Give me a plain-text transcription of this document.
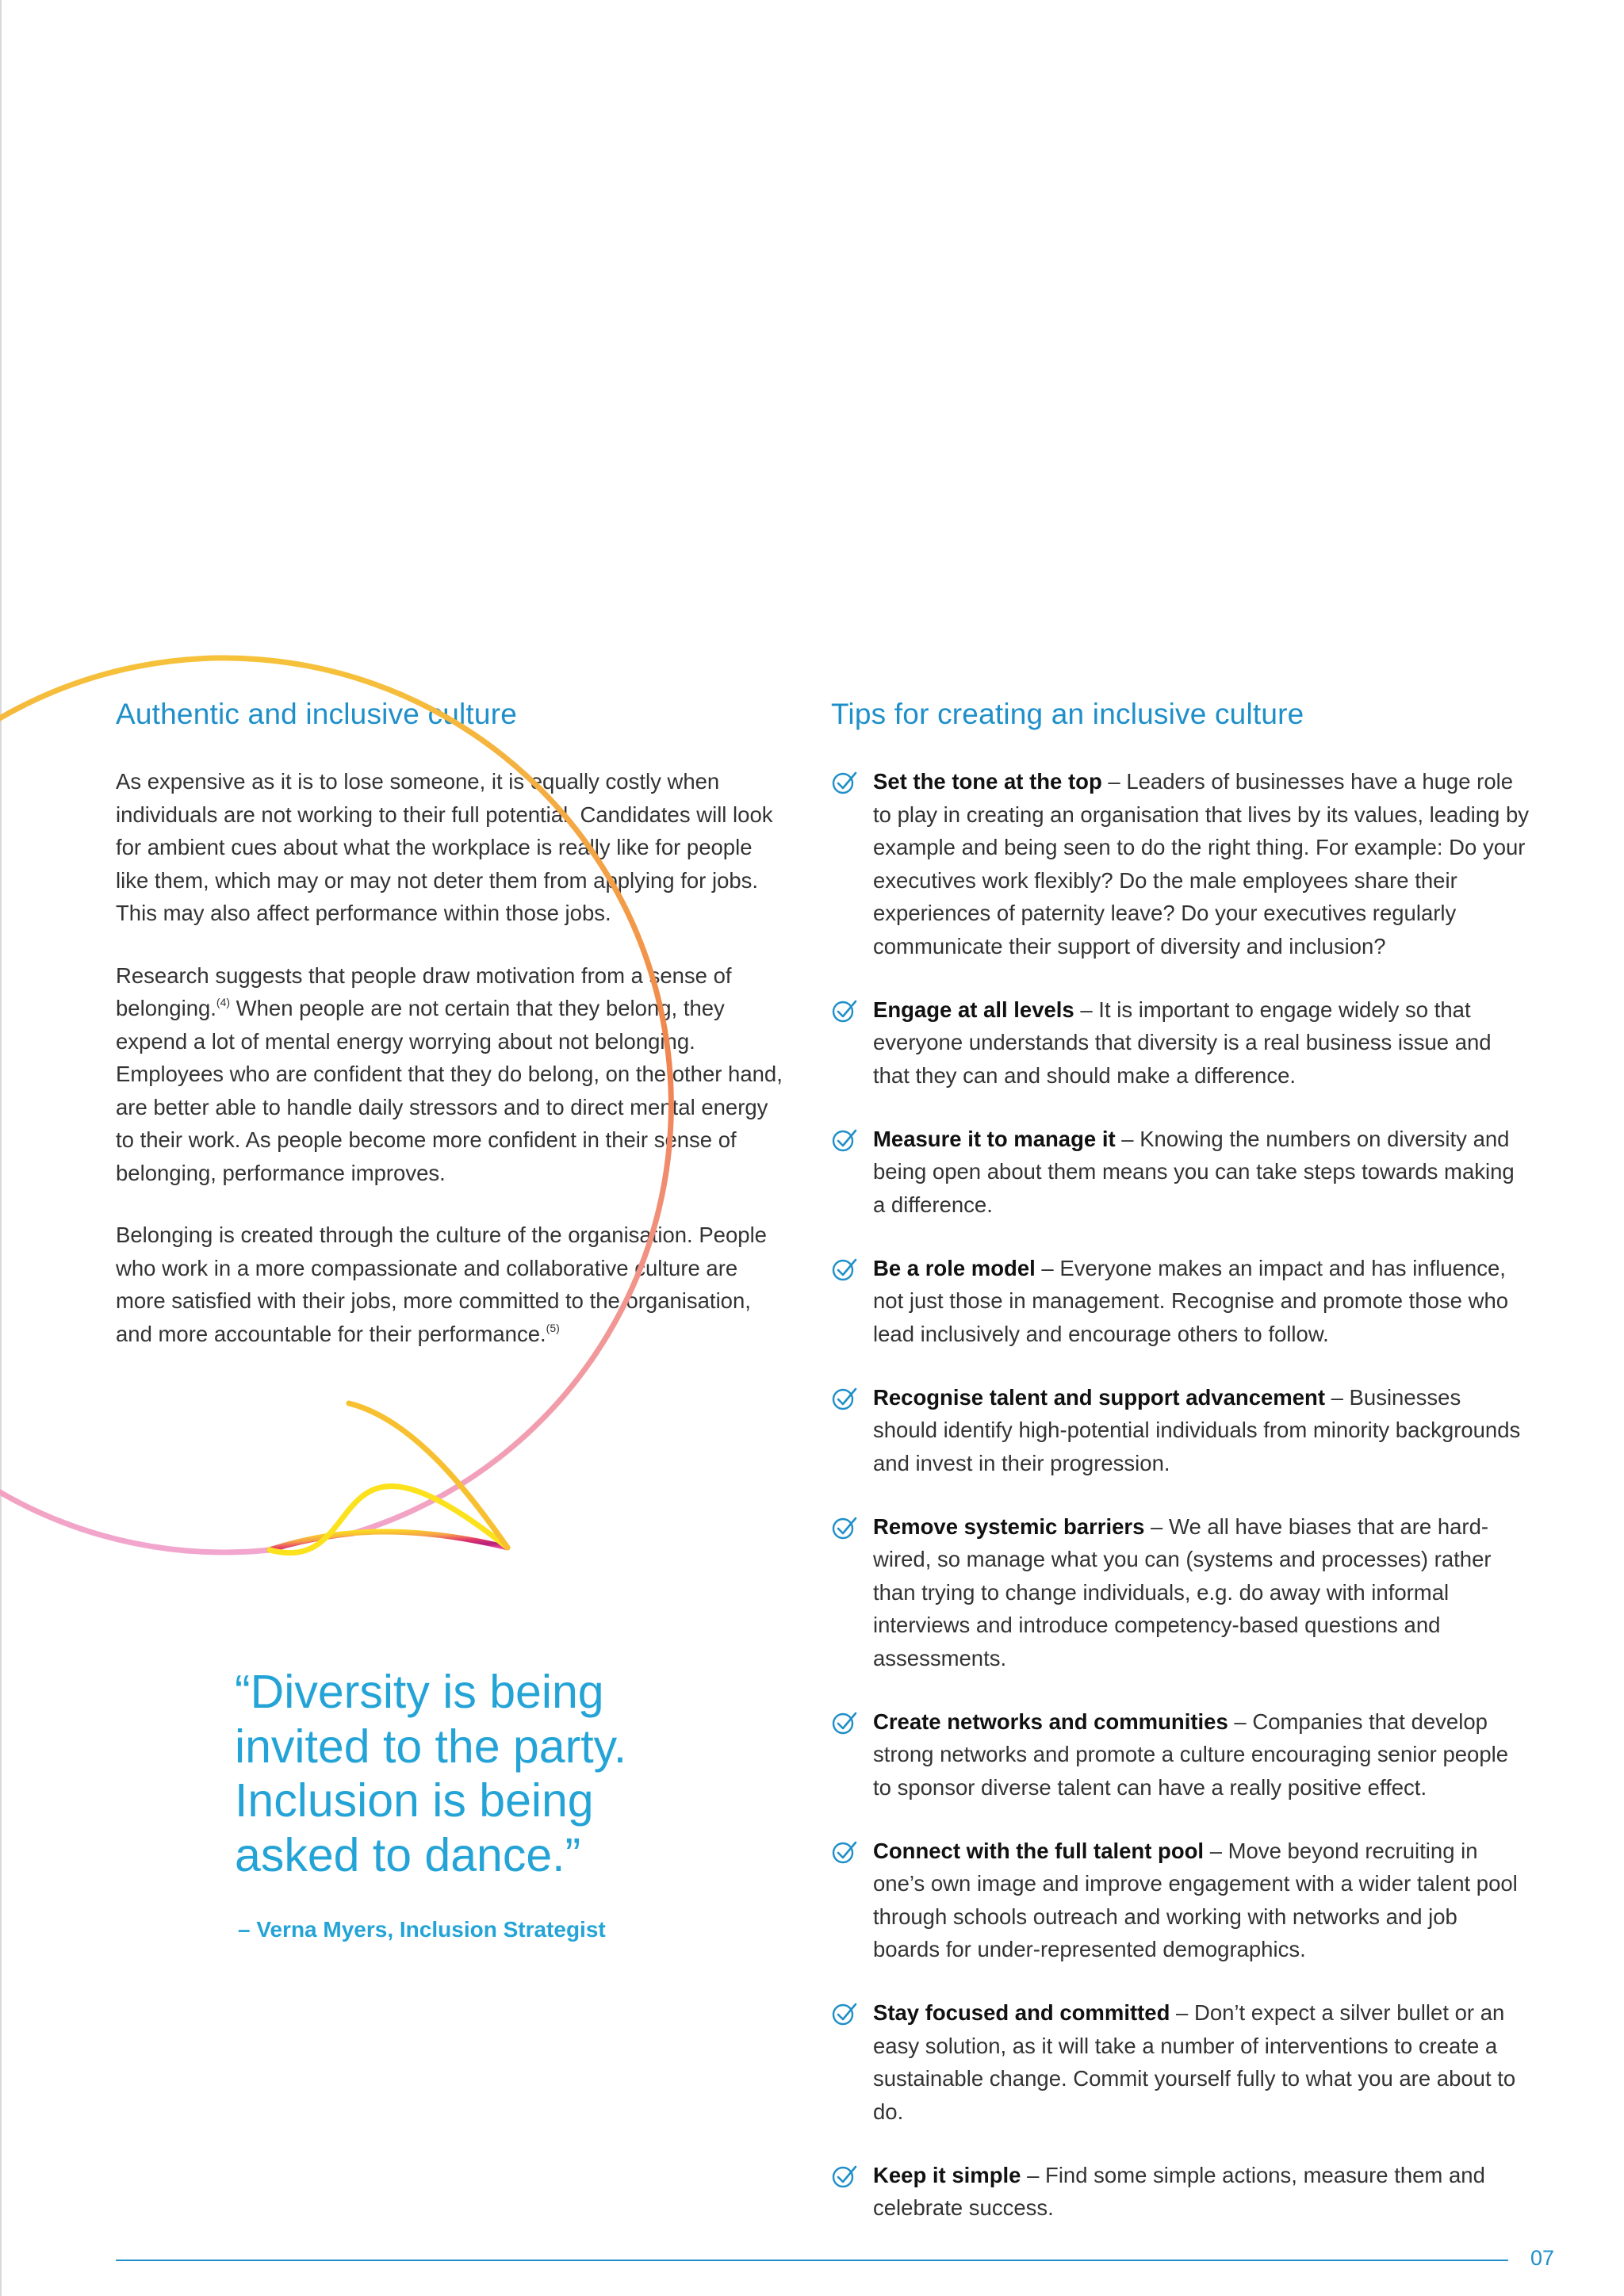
Authentic and inclusive culture

As expensive as it is to lose someone, it is equally costly when individuals are not working to their full potential. Candidates will look for ambient cues about what the workplace is really like for people like them, which may or may not deter them from applying for jobs. This may also affect performance within those jobs.

Research suggests that people draw motivation from a sense of belonging.$^{(4)}$ When people are not certain that they belong, they expend a lot of mental energy worrying about not belonging. Employees who are confident that they do belong, on the other hand, are better able to handle daily stressors and to direct mental energy to their work. As people become more confident in their sense of belonging, performance improves.

Belonging is created through the culture of the organisation. People who work in a more compassionate and collaborative culture are more satisfied with their jobs, more committed to the organisation, and more accountable for their performance.$^{(5)}$

“Diversity is being invited to the party. Inclusion is being asked to dance.”

– Verna Myers, Inclusion Strategist

Tips for creating an inclusive culture
Set the tone at the top – Leaders of businesses have a huge role to play in creating an organisation that lives by its values, leading by example and being seen to do the right thing. For example: Do your executives work flexibly? Do the male employees share their experiences of paternity leave? Do your executives regularly communicate their support of diversity and inclusion?
Engage at all levels – It is important to engage widely so that everyone understands that diversity is a real business issue and that they can and should make a difference.
Measure it to manage it – Knowing the numbers on diversity and being open about them means you can take steps towards making a difference.
Be a role model – Everyone makes an impact and has influence, not just those in management. Recognise and promote those who lead inclusively and encourage others to follow.
Recognise talent and support advancement – Businesses should identify high-potential individuals from minority backgrounds and invest in their progression.
Remove systemic barriers – We all have biases that are hard-wired, so manage what you can (systems and processes) rather than trying to change individuals, e.g. do away with informal interviews and introduce competency-based questions and assessments.
Create networks and communities – Companies that develop strong networks and promote a culture encouraging senior people to sponsor diverse talent can have a really positive effect.
Connect with the full talent pool – Move beyond recruiting in one’s own image and improve engagement with a wider talent pool through schools outreach and working with networks and job boards for under-represented demographics.
Stay focused and committed – Don’t expect a silver bullet or an easy solution, as it will take a number of interventions to create a sustainable change. Commit yourself fully to what you are about to do.
Keep it simple – Find some simple actions, measure them and celebrate success.
07
